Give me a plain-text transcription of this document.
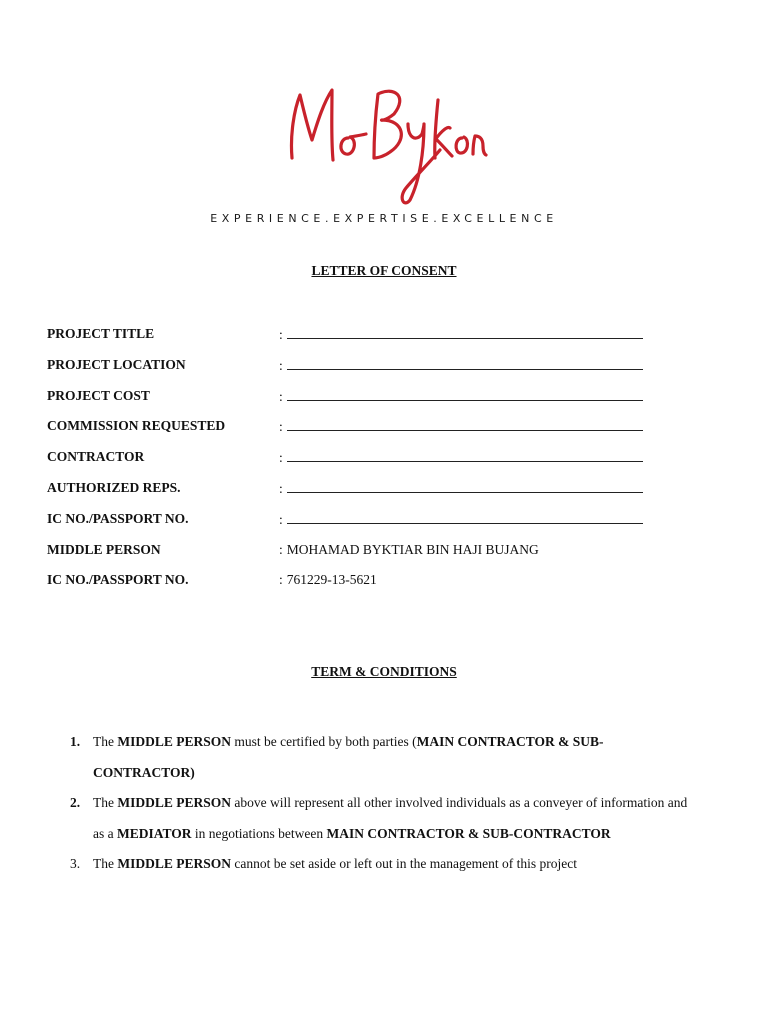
EXPERIENCE.EXPERTISE.EXCELLENCE
LETTER OF CONSENT
PROJECT TITLE	:
PROJECT LOCATION	:
PROJECT COST	:
COMMISSION REQUESTED	:
CONTRACTOR	:
AUTHORIZED REPS.	:
IC NO./PASSPORT NO.	:
MIDDLE PERSON	: MOHAMAD BYKTIAR BIN HAJI BUJANG
IC NO./PASSPORT NO.	: 761229-13-5621
TERM & CONDITIONS
1. The MIDDLE PERSON must be certified by both parties (MAIN CONTRACTOR & SUB-
CONTRACTOR)
2. The MIDDLE PERSON above will represent all other involved individuals as a conveyer of information and
as a MEDIATOR in negotiations between MAIN CONTRACTOR & SUB-CONTRACTOR
3. The MIDDLE PERSON cannot be set aside or left out in the management of this project
